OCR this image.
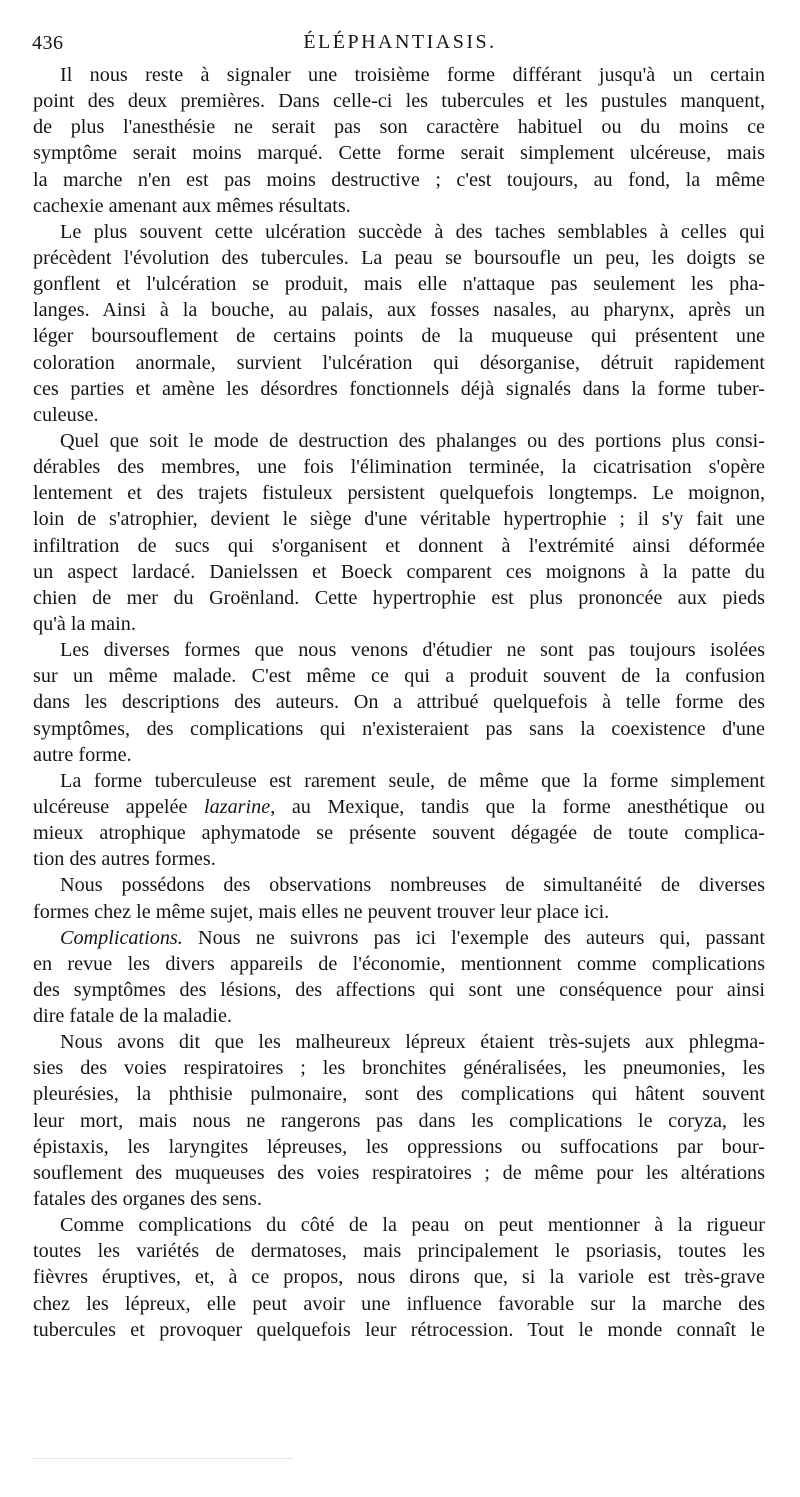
436	ÉLÉPHANTIASIS.
Il nous reste à signaler une troisième forme différant jusqu'à un certain
point des deux premières. Dans celle-ci les tubercules et les pustules manquent,
de plus l'anesthésie ne serait pas son caractère habituel ou du moins ce
symptôme serait moins marqué. Cette forme serait simplement ulcéreuse, mais
la marche n'en est pas moins destructive ; c'est toujours, au fond, la même
cachexie amenant aux mêmes résultats.
Le plus souvent cette ulcération succède à des taches semblables à celles qui
précèdent l'évolution des tubercules. La peau se boursoufle un peu, les doigts se
gonflent et l'ulcération se produit, mais elle n'attaque pas seulement les pha-
langes. Ainsi à la bouche, au palais, aux fosses nasales, au pharynx, après un
léger boursouflement de certains points de la muqueuse qui présentent une
coloration anormale, survient l'ulcération qui désorganise, détruit rapidement
ces parties et amène les désordres fonctionnels déjà signalés dans la forme tuber-
culeuse.
Quel que soit le mode de destruction des phalanges ou des portions plus consi-
dérables des membres, une fois l'élimination terminée, la cicatrisation s'opère
lentement et des trajets fistuleux persistent quelquefois longtemps. Le moignon,
loin de s'atrophier, devient le siège d'une véritable hypertrophie ; il s'y fait une
infiltration de sucs qui s'organisent et donnent à l'extrémité ainsi déformée
un aspect lardacé. Danielssen et Boeck comparent ces moignons à la patte du
chien de mer du Groënland. Cette hypertrophie est plus prononcée aux pieds
qu'à la main.
Les diverses formes que nous venons d'étudier ne sont pas toujours isolées
sur un même malade. C'est même ce qui a produit souvent de la confusion
dans les descriptions des auteurs. On a attribué quelquefois à telle forme des
symptômes, des complications qui n'existeraient pas sans la coexistence d'une
autre forme.
La forme tuberculeuse est rarement seule, de même que la forme simplement
ulcéreuse appelée lazarine, au Mexique, tandis que la forme anesthétique ou
mieux atrophique aphymatode se présente souvent dégagée de toute complica-
tion des autres formes.
Nous possédons des observations nombreuses de simultanéité de diverses
formes chez le même sujet, mais elles ne peuvent trouver leur place ici.
Complications. Nous ne suivrons pas ici l'exemple des auteurs qui, passant
en revue les divers appareils de l'économie, mentionnent comme complications
des symptômes des lésions, des affections qui sont une conséquence pour ainsi
dire fatale de la maladie.
Nous avons dit que les malheureux lépreux étaient très-sujets aux phlegma-
sies des voies respiratoires ; les bronchites généralisées, les pneumonies, les
pleurésies, la phthisie pulmonaire, sont des complications qui hâtent souvent
leur mort, mais nous ne rangerons pas dans les complications le coryza, les
épistaxis, les laryngites lépreuses, les oppressions ou suffocations par bour-
souflement des muqueuses des voies respiratoires ; de même pour les altérations
fatales des organes des sens.
Comme complications du côté de la peau on peut mentionner à la rigueur
toutes les variétés de dermatoses, mais principalement le psoriasis, toutes les
fièvres éruptives, et, à ce propos, nous dirons que, si la variole est très-grave
chez les lépreux, elle peut avoir une influence favorable sur la marche des
tubercules et provoquer quelquefois leur rétrocession. Tout le monde connaît le
